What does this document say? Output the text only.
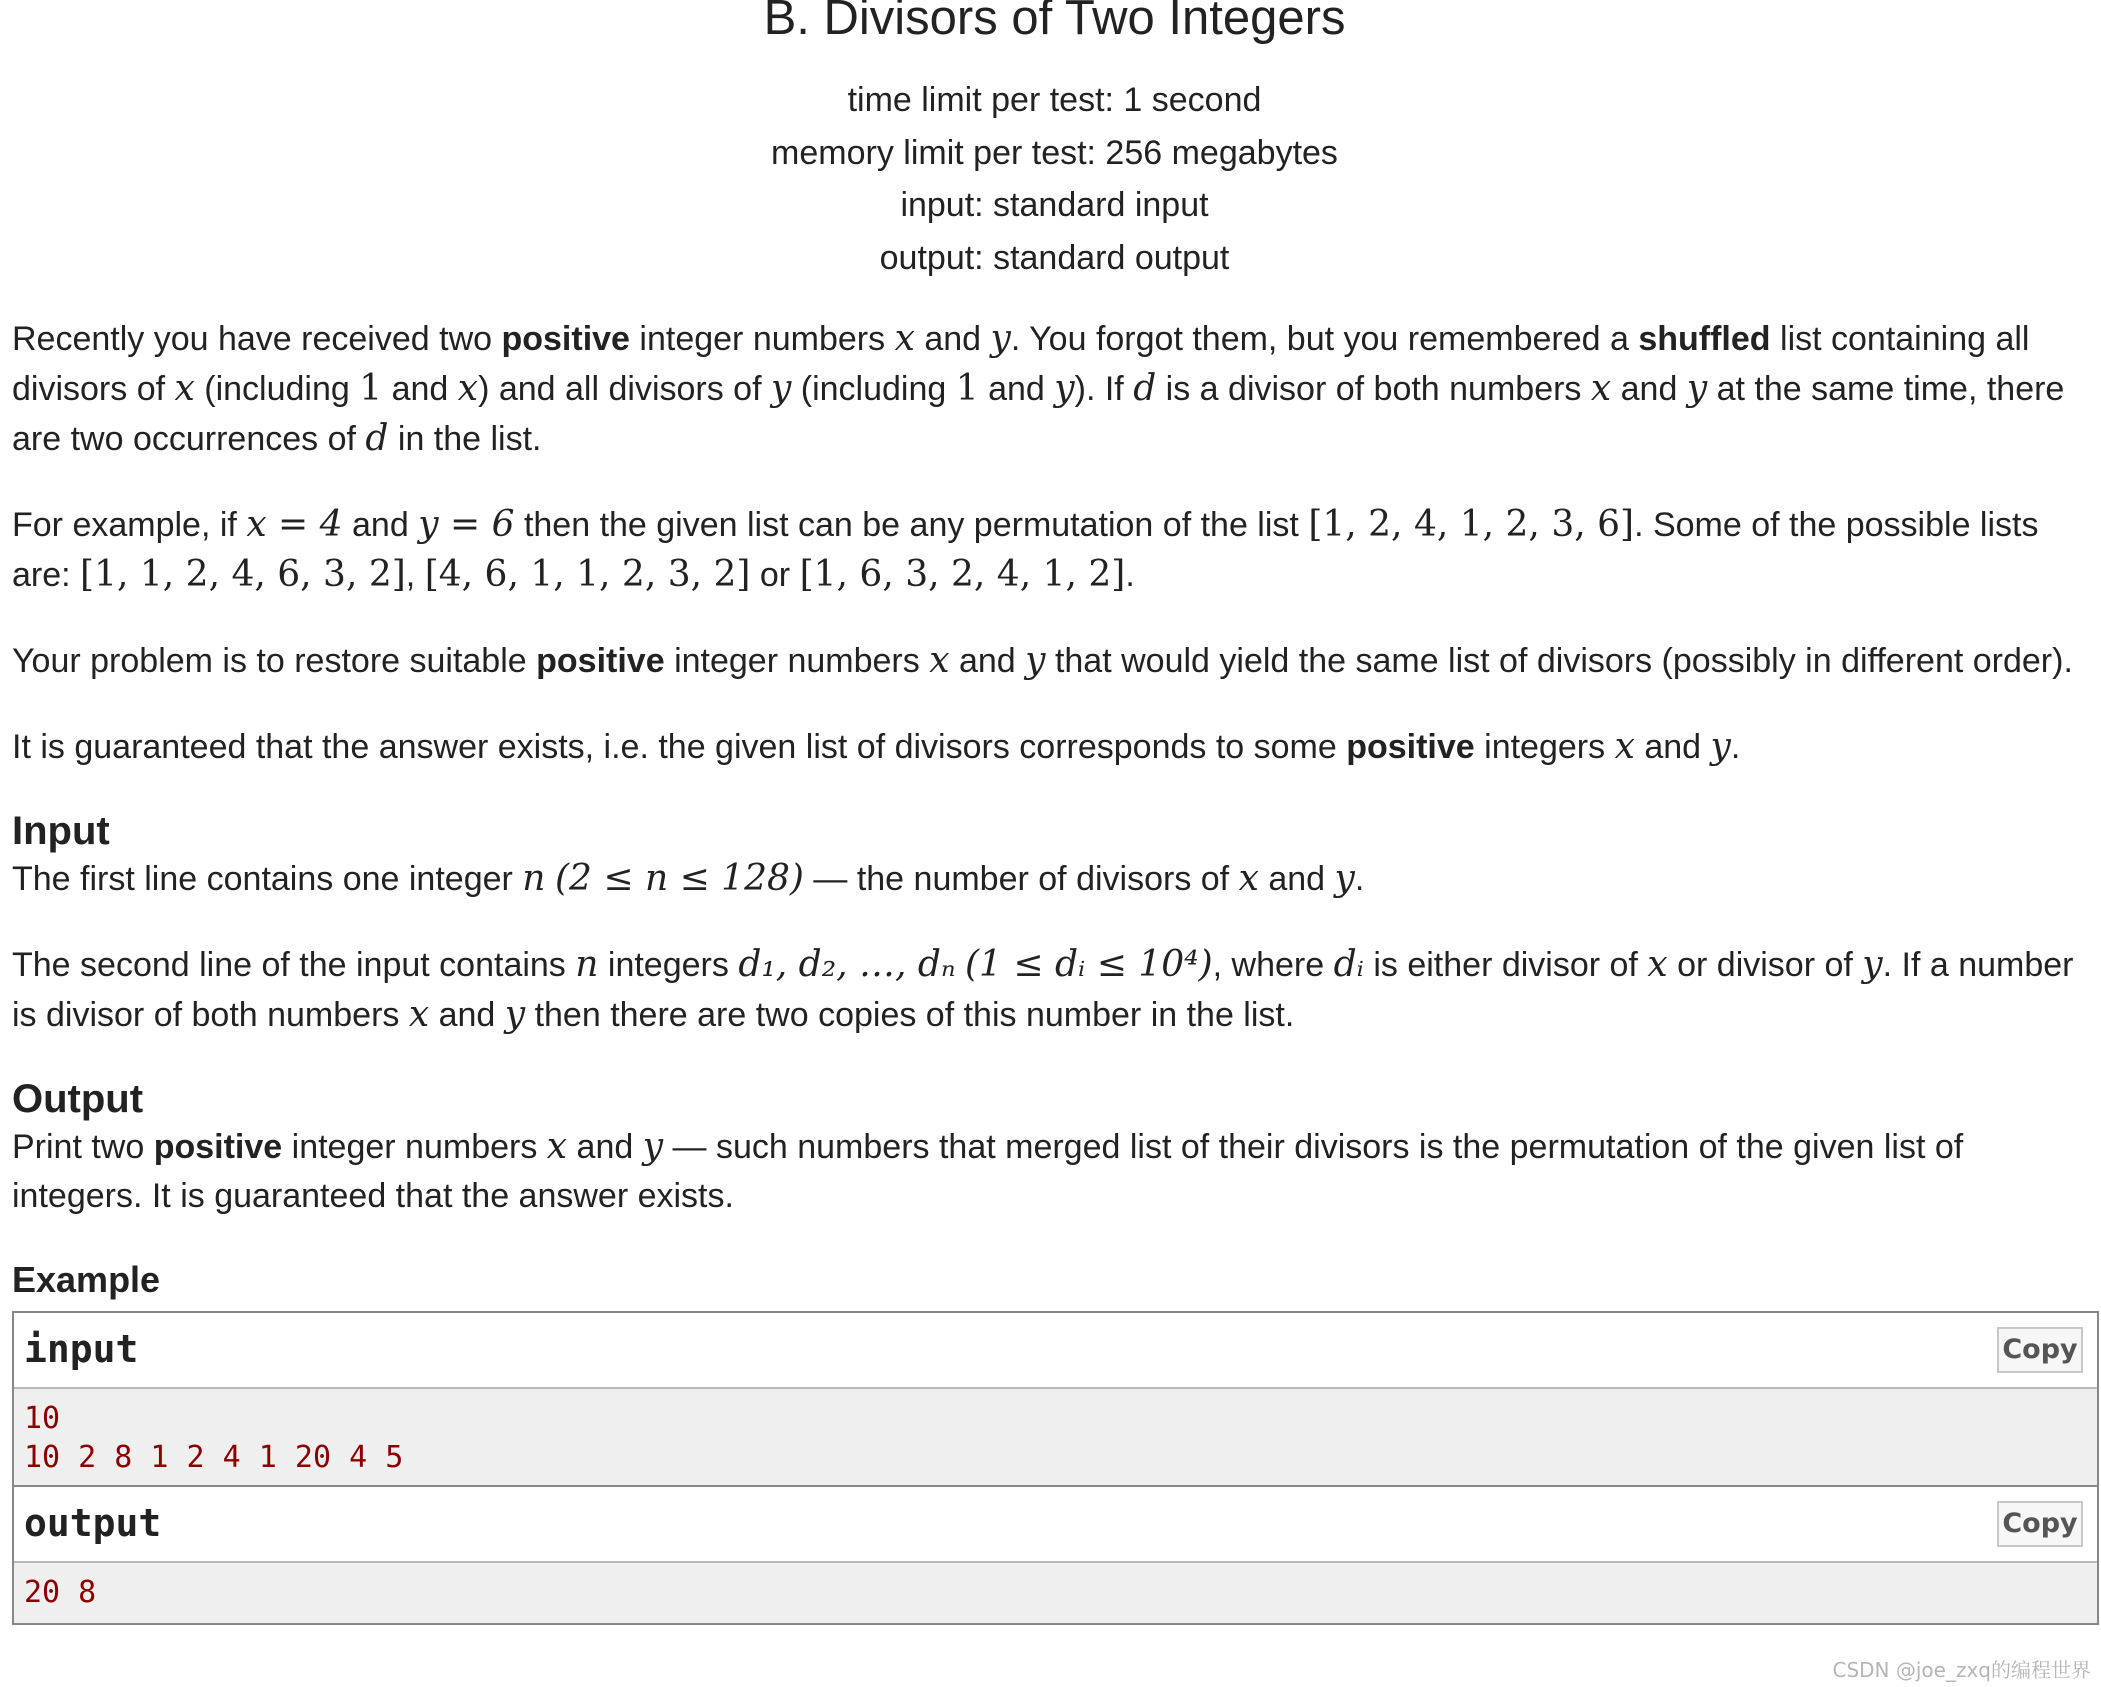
B. Divisors of Two Integers
time limit per test: 1 second
memory limit per test: 256 megabytes
input: standard input
output: standard output

Recently you have received two positive integer numbers x and y. You forgot them, but you remembered a shuffled list containing all divisors of x (including 1 and x) and all divisors of y (including 1 and y). If d is a divisor of both numbers x and y at the same time, there are two occurrences of d in the list.

For example, if x = 4 and y = 6 then the given list can be any permutation of the list [1, 2, 4, 1, 2, 3, 6]. Some of the possible lists are: [1, 1, 2, 4, 6, 3, 2], [4, 6, 1, 1, 2, 3, 2] or [1, 6, 3, 2, 4, 1, 2].

Your problem is to restore suitable positive integer numbers x and y that would yield the same list of divisors (possibly in different order).

It is guaranteed that the answer exists, i.e. the given list of divisors corresponds to some positive integers x and y.

Input

The first line contains one integer n (2 ≤ n ≤ 128) — the number of divisors of x and y.

The second line of the input contains n integers d₁, d₂, …, dₙ (1 ≤ dᵢ ≤ 10⁴), where dᵢ is either divisor of x or divisor of y. If a number is divisor of both numbers x and y then there are two copies of this number in the list.

Output

Print two positive integer numbers x and y — such numbers that merged list of their divisors is the permutation of the given list of integers. It is guaranteed that the answer exists.

Example
input	Copy
10
10 2 8 1 2 4 1 20 4 5
output	Copy
20 8
CSDN @joe_zxq的编程世界
